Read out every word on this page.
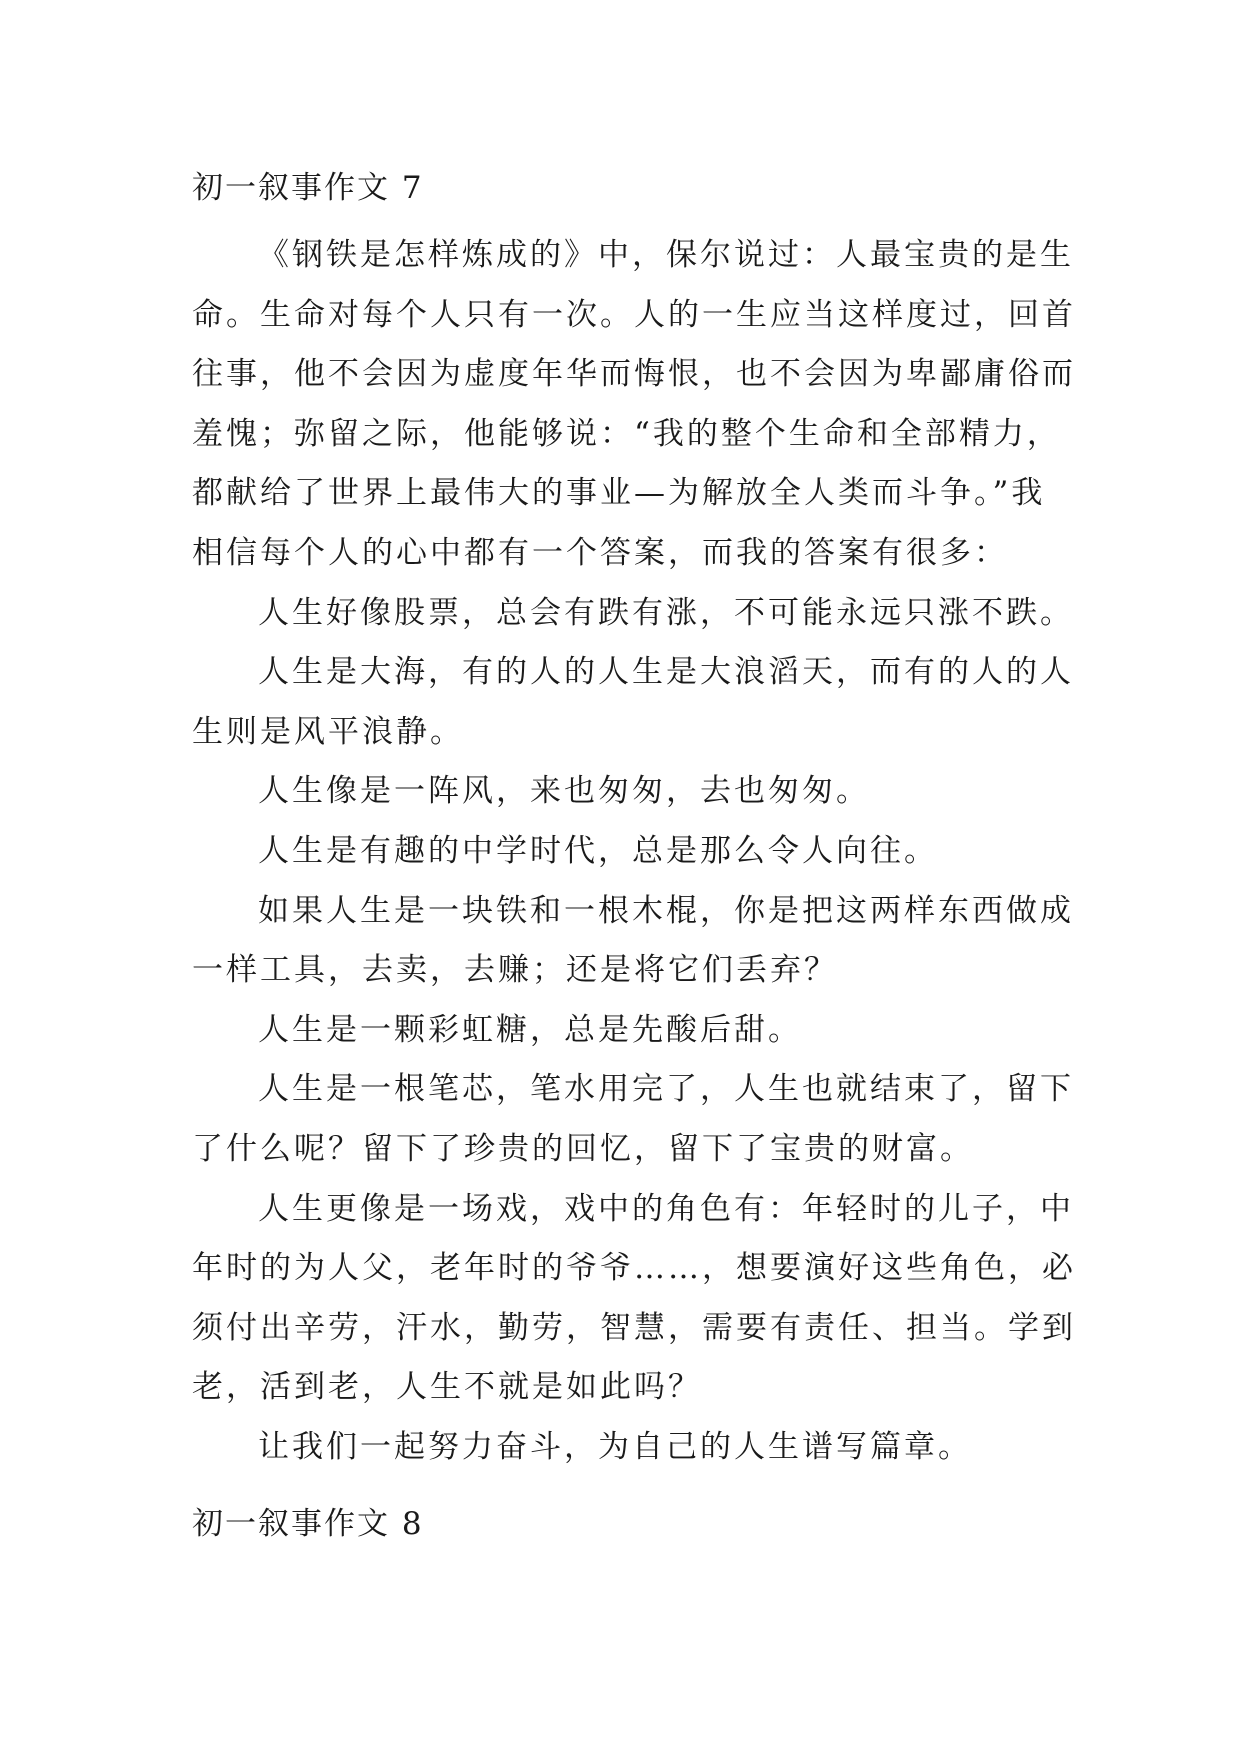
初一叙事作文 7

《钢铁是怎样炼成的》中，保尔说过：人最宝贵的是生
命。生命对每个人只有一次。人的一生应当这样度过，回首
往事，他不会因为虚度年华而悔恨，也不会因为卑鄙庸俗而
羞愧；弥留之际，他能够说：“我的整个生命和全部精力，
都献给了世界上最伟大的事业—为解放全人类而斗争。”我
相信每个人的心中都有一个答案，而我的答案有很多：

人生好像股票，总会有跌有涨，不可能永远只涨不跌。

人生是大海，有的人的人生是大浪滔天，而有的人的人
生则是风平浪静。

人生像是一阵风，来也匆匆，去也匆匆。

人生是有趣的中学时代，总是那么令人向往。

如果人生是一块铁和一根木棍，你是把这两样东西做成
一样工具，去卖，去赚；还是将它们丢弃？

人生是一颗彩虹糖，总是先酸后甜。

人生是一根笔芯，笔水用完了，人生也就结束了，留下
了什么呢？留下了珍贵的回忆，留下了宝贵的财富。

人生更像是一场戏，戏中的角色有：年轻时的儿子，中
年时的为人父，老年时的爷爷……，想要演好这些角色，必
须付出辛劳，汗水，勤劳，智慧，需要有责任、担当。学到
老，活到老，人生不就是如此吗？

让我们一起努力奋斗，为自己的人生谱写篇章。

初一叙事作文 8
